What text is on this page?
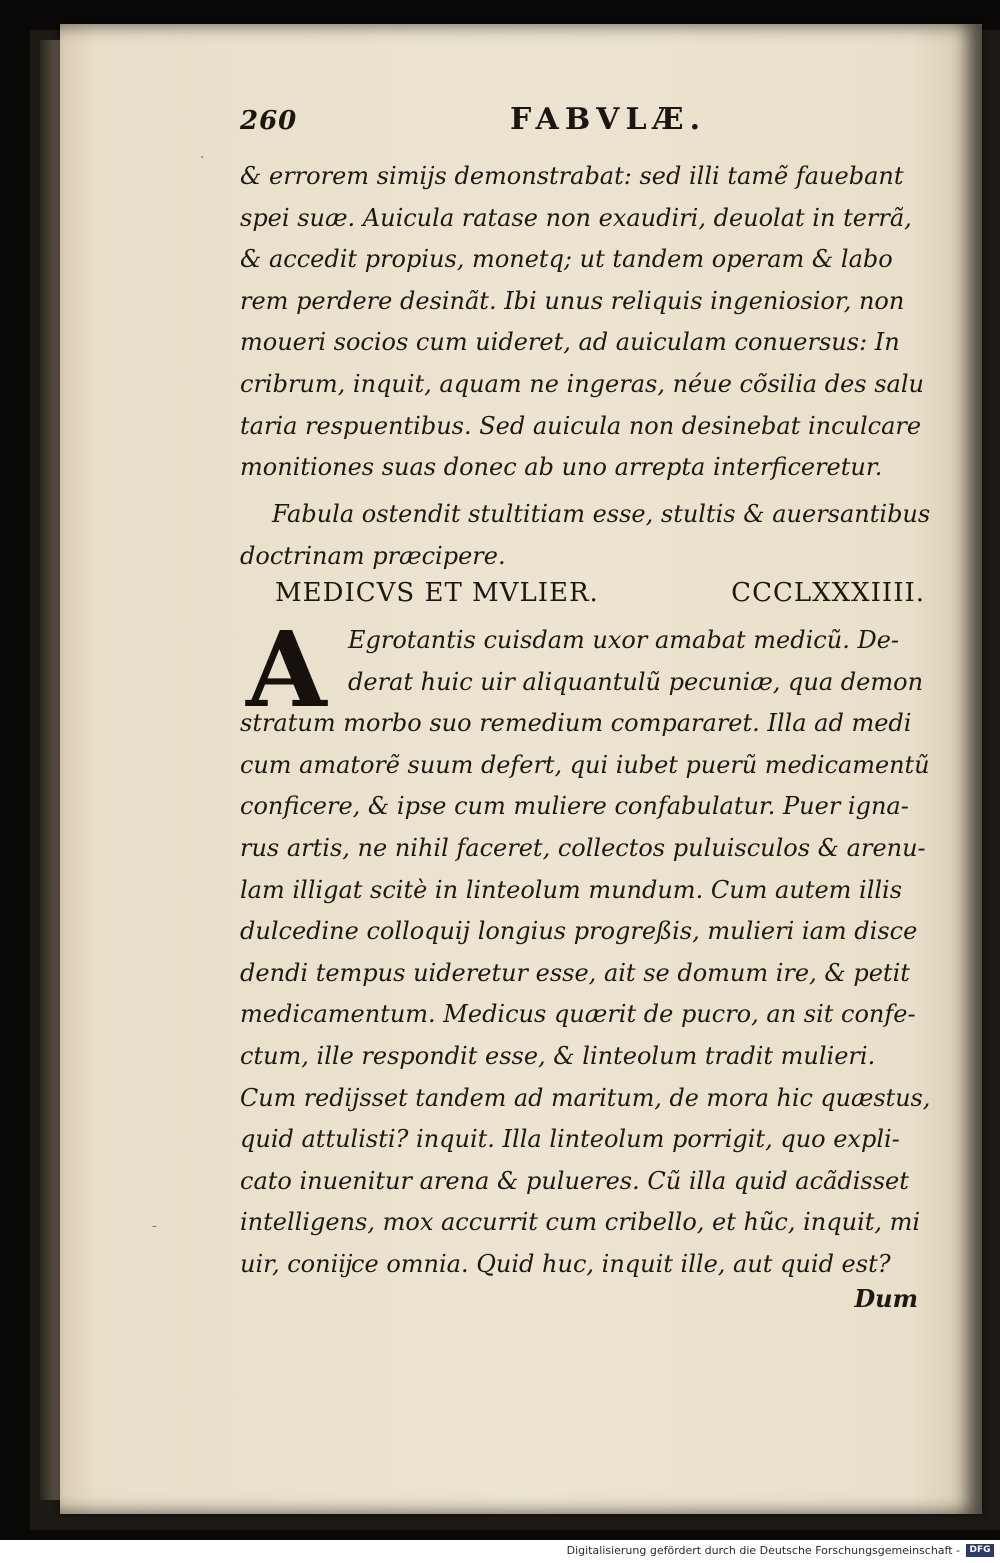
·
-
260	FABVLÆ.
& errorem simijs demonstrabat: sed illi tamẽ fauebant
spei suæ. Auicula ratase non exaudiri, deuolat in terrã,
& accedit propius, monetq; ut tandem operam & labo
rem perdere desinãt. Ibi unus reliquis ingeniosior, non
moueri socios cum uideret, ad auiculam conuersus: In
cribrum, inquit, aquam ne ingeras, néue cõsilia des salu
taria respuentibus. Sed auicula non desinebat inculcare
monitiones suas donec ab uno arrepta interficeretur.
Fabula ostendit stultitiam esse, stultis & auersantibus
doctrinam præcipere.
MEDICVS ET MVLIER.	CCCLXXXIIII.
A Egrotantis cuisdam uxor amabat medicũ. De-
derat huic uir aliquantulũ pecuniæ, qua demon
stratum morbo suo remedium compararet. Illa ad medi
cum amatorẽ suum defert, qui iubet puerũ medicamentũ
conficere, & ipse cum muliere confabulatur. Puer igna-
rus artis, ne nihil faceret, collectos puluisculos & arenu-
lam illigat scitè in linteolum mundum. Cum autem illis
dulcedine colloquij longius progreßis, mulieri iam disce
dendi tempus uideretur esse, ait se domum ire, & petit
medicamentum. Medicus quærit de pucro, an sit confe-
ctum, ille respondit esse, & linteolum tradit mulieri.
Cum redijsset tandem ad maritum, de mora hic quæstus,
quid attulisti? inquit. Illa linteolum porrigit, quo expli-
cato inuenitur arena & pulueres. Cũ illa quid acãdisset
intelligens, mox accurrit cum cribello, et hũc, inquit, mi
uir, coniĳce omnia. Quid huc, inquit ille, aut quid est?
Dum
Digitalisierung gefördert durch die Deutsche Forschungsgemeinschaft -	DFG
